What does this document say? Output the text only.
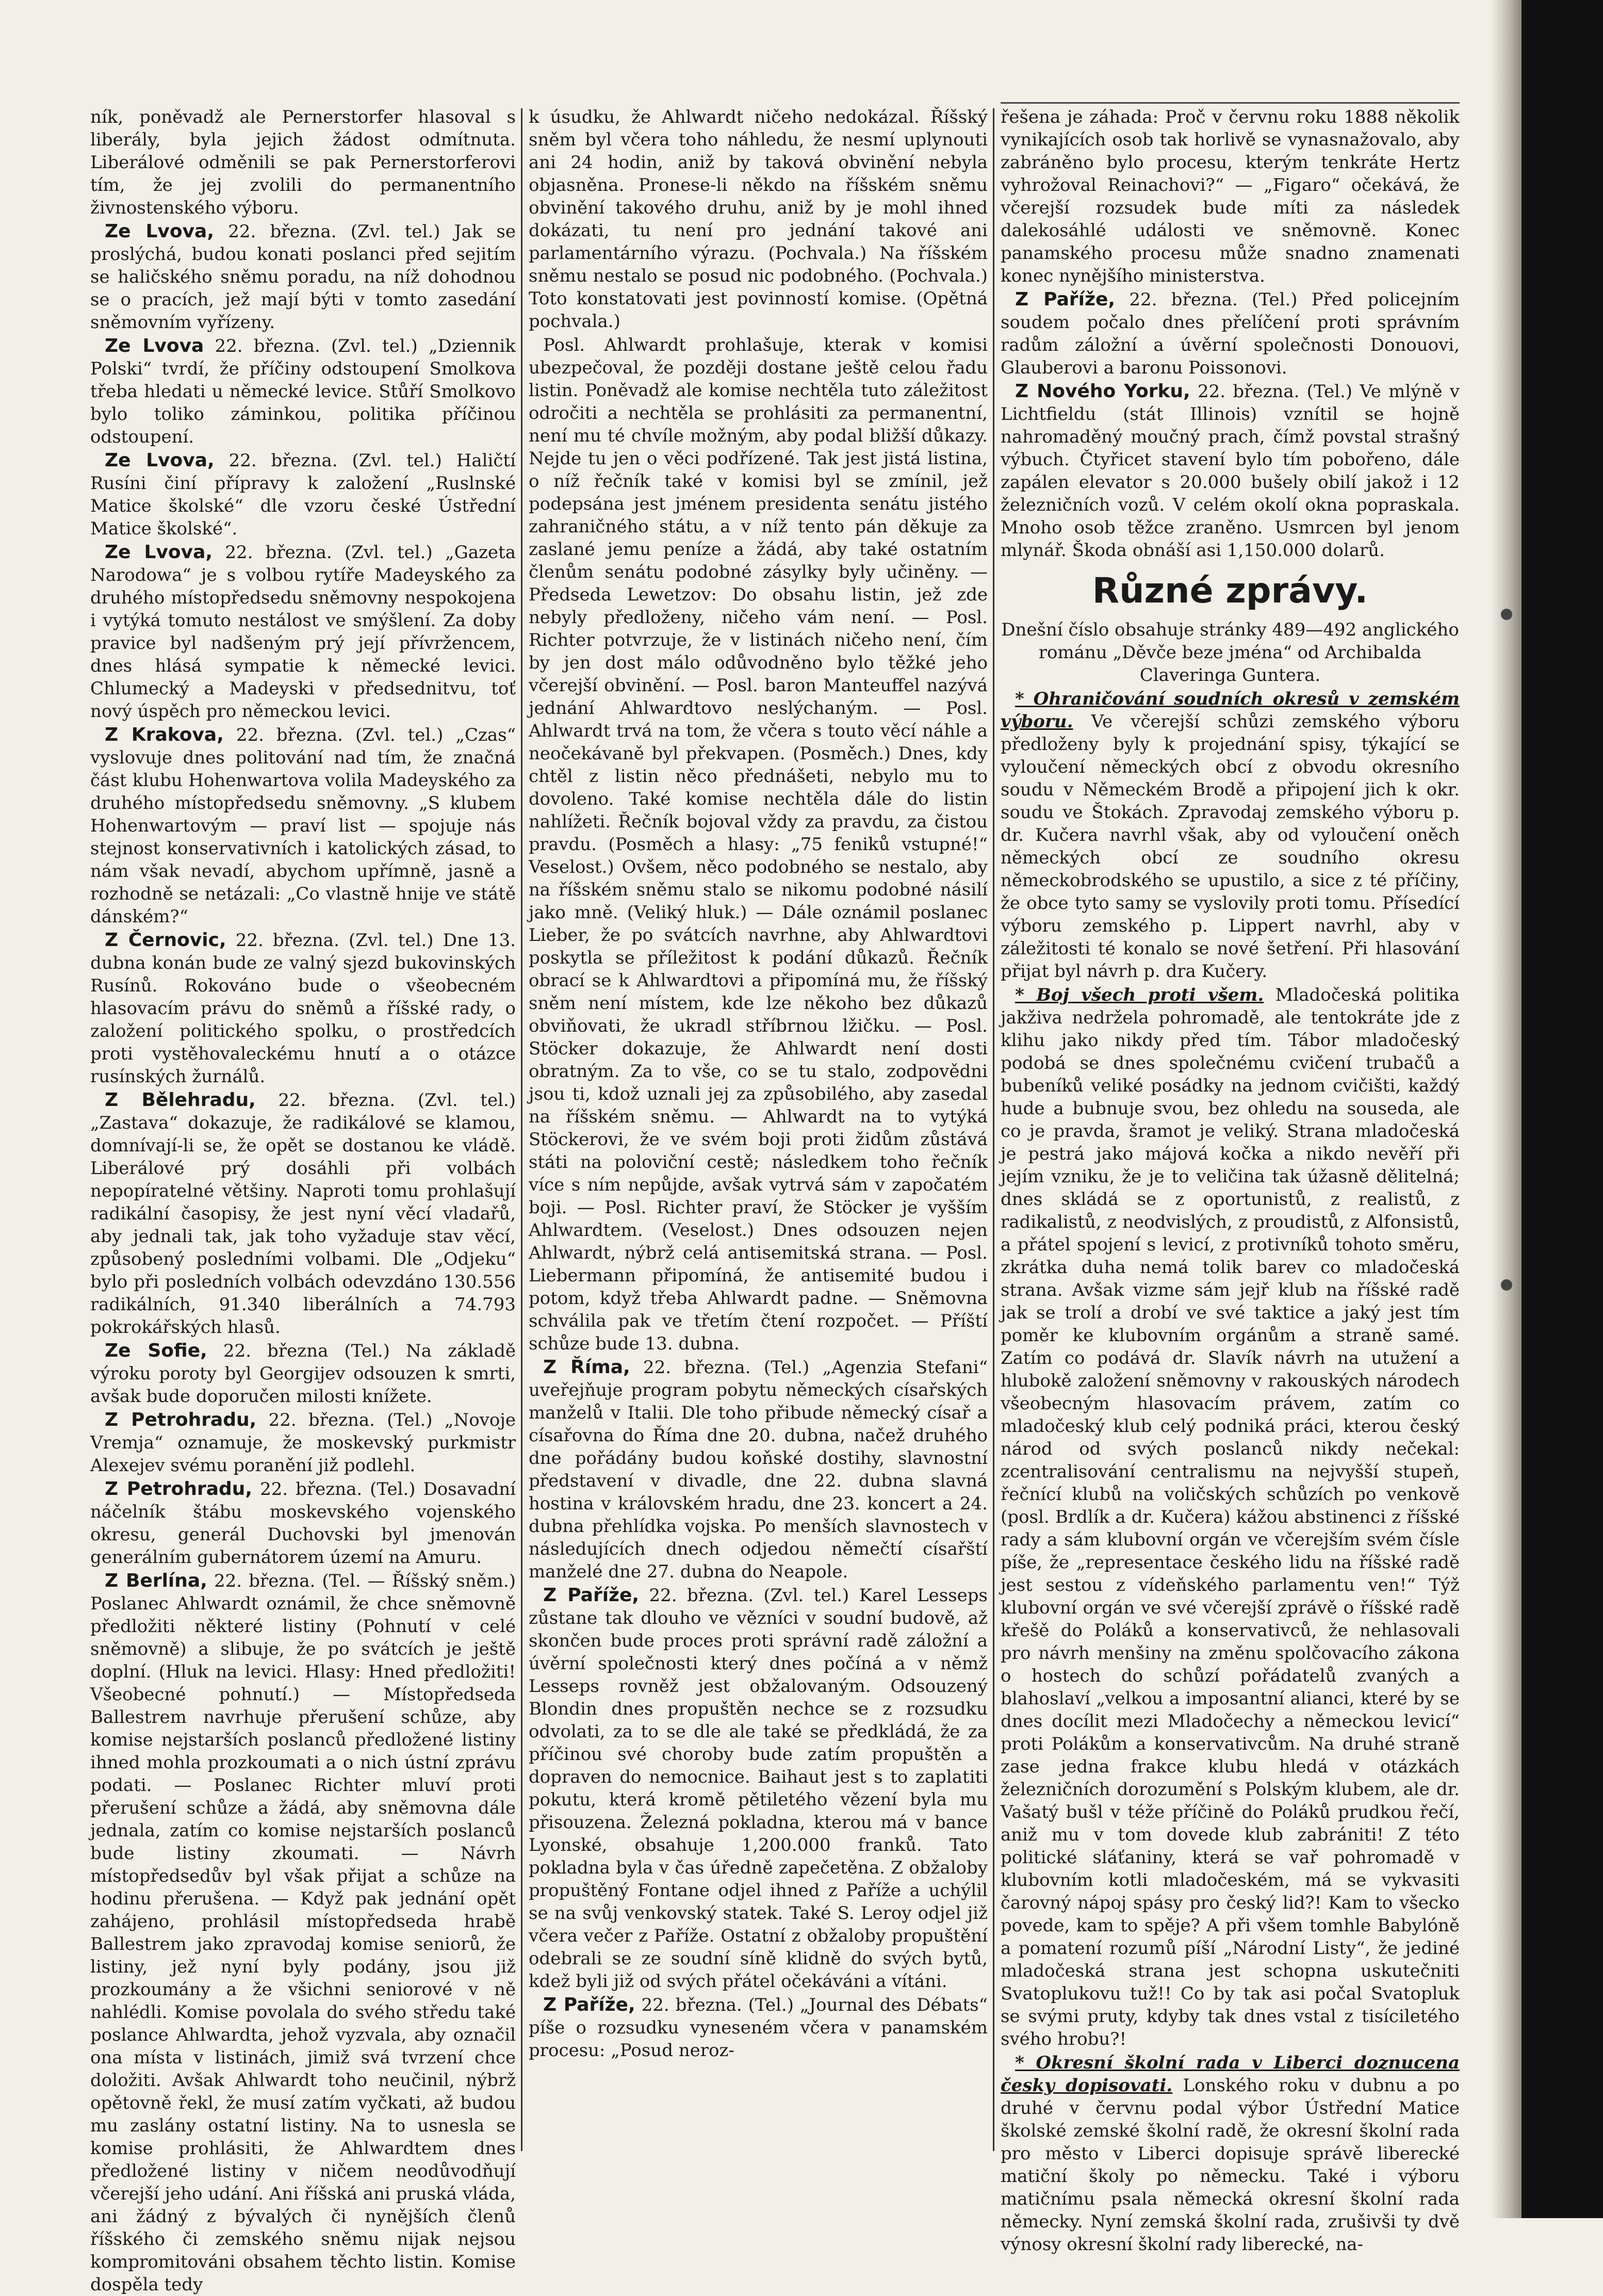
ník, poněvadž ale Pernerstorfer hlasoval s liberály, byla jejich žádost odmítnuta. Liberálové odměnili se pak Pernerstorferovi tím, že jej zvolili do permanentního živnostenského výboru.

Ze Lvova, 22. března. (Zvl. tel.) Jak se proslýchá, budou konati poslanci před sejitím se haličského sněmu poradu, na níž dohodnou se o pracích, jež mají býti v tomto zasedání sněmovním vyřízeny.

Ze Lvova 22. března. (Zvl. tel.) „Dziennik Polski“ tvrdí, že příčiny odstoupení Smolkova třeba hledati u německé levice. Stůří Smolkovo bylo toliko záminkou, politika příčinou odstoupení.

Ze Lvova, 22. března. (Zvl. tel.) Haličtí Rusíni činí přípravy k založení „Ruslnské Matice školské“ dle vzoru české Ústřední Matice školské“.

Ze Lvova, 22. března. (Zvl. tel.) „Gazeta Narodowa“ je s volbou rytíře Madeyského za druhého místopředsedu sněmovny nespokojena i vytýká tomuto nestálost ve smýšlení. Za doby pravice byl nadšeným prý její přívržencem, dnes hlásá sympatie k německé levici. Chlumecký a Madeyski v předsednitvu, toť nový úspěch pro německou levici.

Z Krakova, 22. března. (Zvl. tel.) „Czas“ vyslovuje dnes politování nad tím, že značná část klubu Hohenwartova volila Madeyského za druhého místopředsedu sněmovny. „S klubem Hohenwartovým — praví list — spojuje nás stejnost konservativních i katolických zásad, to nám však nevadí, abychom upřímně, jasně a rozhodně se netázali: „Co vlastně hnije ve státě dánském?“

Z Černovic, 22. března. (Zvl. tel.) Dne 13. dubna konán bude ze valný sjezd bukovinských Rusínů. Rokováno bude o všeobecném hlasovacím právu do sněmů a říšské rady, o založení politického spolku, o prostředcích proti vystěhovaleckému hnutí a o otázce rusínských žurnálů.

Z Bělehradu, 22. března. (Zvl. tel.) „Zastava“ dokazuje, že radikálové se klamou, domnívají-li se, že opět se dostanou ke vládě. Liberálové prý dosáhli při volbách nepopíratelné většiny. Naproti tomu prohlašují radikální časopisy, že jest nyní věcí vladařů, aby jednali tak, jak toho vyžaduje stav věcí, způsobený posledními volbami. Dle „Odjeku“ bylo při posledních volbách odevzdáno 130.556 radikálních, 91.340 liberálních a 74.793 pokrokářských hlasů.

Ze Sofie, 22. března (Tel.) Na základě výroku poroty byl Georgijev odsouzen k smrti, avšak bude doporučen milosti knížete.

Z Petrohradu, 22. března. (Tel.) „Novoje Vremja“ oznamuje, že moskevský purkmistr Alexejev svému poranění již podlehl.

Z Petrohradu, 22. března. (Tel.) Dosavadní náčelník štábu moskevského vojenského okresu, generál Duchovski byl jmenován generálním gubernátorem území na Amuru.

Z Berlína, 22. března. (Tel. — Říšský sněm.) Poslanec Ahlwardt oznámil, že chce sněmovně předložiti některé listiny (Pohnutí v celé sněmovně) a slibuje, že po svátcích je ještě doplní. (Hluk na levici. Hlasy: Hned předložiti! Všeobecné pohnutí.) — Místopředseda Ballestrem navrhuje přerušení schůze, aby komise nejstarších poslanců předložené listiny ihned mohla prozkoumati a o nich ústní zprávu podati. — Poslanec Richter mluví proti přerušení schůze a žádá, aby sněmovna dále jednala, zatím co komise nejstarších poslanců bude listiny zkoumati. — Návrh místopředsedův byl však přijat a schůze na hodinu přerušena. — Když pak jednání opět zahájeno, prohlásil místopředseda hrabě Ballestrem jako zpravodaj komise seniorů, že listiny, jež nyní byly podány, jsou již prozkoumány a že všichni seniorové v ně nahlédli. Komise povolala do svého středu také poslance Ahlwardta, jehož vyzvala, aby označil ona místa v listinách, jimiž svá tvrzení chce doložiti. Avšak Ahlwardt toho neučinil, nýbrž opětovně řekl, že musí zatím vyčkati, až budou mu zaslány ostatní listiny. Na to usnesla se komise prohlásiti, že Ahlwardtem dnes předložené listiny v ničem neodůvodňují včerejší jeho udání. Ani říšská ani pruská vláda, ani žádný z bývalých či nynějších členů říšského či zemského sněmu nijak nejsou kompromitováni obsahem těchto listin. Komise dospěla tedy

k úsudku, že Ahlwardt ničeho nedokázal. Říšský sněm byl včera toho náhledu, že nesmí uplynouti ani 24 hodin, aniž by taková obvinění nebyla objasněna. Pronese-li někdo na říšském sněmu obvinění takového druhu, aniž by je mohl ihned dokázati, tu není pro jednání takové ani parlamentárního výrazu. (Pochvala.) Na říšském sněmu nestalo se posud nic podobného. (Pochvala.) Toto konstatovati jest povinností komise. (Opětná pochvala.)

Posl. Ahlwardt prohlašuje, kterak v komisi ubezpečoval, že později dostane ještě celou řadu listin. Poněvadž ale komise nechtěla tuto záležitost odročiti a nechtěla se prohlásiti za permanentní, není mu té chvíle možným, aby podal bližší důkazy. Nejde tu jen o věci podřízené. Tak jest jistá listina, o níž řečník také v komisi byl se zmínil, jež podepsána jest jménem presidenta senátu jistého zahraničného státu, a v níž tento pán děkuje za zaslané jemu peníze a žádá, aby také ostatním členům senátu podobné zásylky byly učiněny. — Předseda Lewetzov: Do obsahu listin, jež zde nebyly předloženy, ničeho vám není. — Posl. Richter potvrzuje, že v listinách ničeho není, čím by jen dost málo odůvodněno bylo těžké jeho včerejší obvinění. — Posl. baron Manteuffel nazývá jednání Ahlwardtovo neslýchaným. — Posl. Ahlwardt trvá na tom, že včera s touto věcí náhle a neočekávaně byl překvapen. (Posměch.) Dnes, kdy chtěl z listin něco přednášeti, nebylo mu to dovoleno. Také komise nechtěla dále do listin nahlížeti. Řečník bojoval vždy za pravdu, za čistou pravdu. (Posměch a hlasy: „75 feniků vstupné!“ Veselost.) Ovšem, něco podobného se nestalo, aby na říšském sněmu stalo se nikomu podobné násilí jako mně. (Veliký hluk.) — Dále oznámil poslanec Lieber, že po svátcích navrhne, aby Ahlwardtovi poskytla se příležitost k podání důkazů. Řečník obrací se k Ahlwardtovi a připomíná mu, že říšský sněm není místem, kde lze někoho bez důkazů obviňovati, že ukradl stříbrnou lžičku. — Posl. Stöcker dokazuje, že Ahlwardt není dosti obratným. Za to vše, co se tu stalo, zodpovědni jsou ti, kdož uznali jej za způsobilého, aby zasedal na říšském sněmu. — Ahlwardt na to vytýká Stöckerovi, že ve svém boji proti židům zůstává státi na poloviční cestě; následkem toho řečník více s ním nepůjde, avšak vytrvá sám v započatém boji. — Posl. Richter praví, že Stöcker je vyšším Ahlwardtem. (Veselost.) Dnes odsouzen nejen Ahlwardt, nýbrž celá antisemitská strana. — Posl. Liebermann připomíná, že antisemité budou i potom, když třeba Ahlwardt padne. — Sněmovna schválila pak ve třetím čtení rozpočet. — Příští schůze bude 13. dubna.

Z Říma, 22. března. (Tel.) „Agenzia Stefani“ uveřejňuje program pobytu německých císařských manželů v Italii. Dle toho přibude německý císař a císařovna do Říma dne 20. dubna, načež druhého dne pořádány budou koňské dostihy, slavnostní představení v divadle, dne 22. dubna slavná hostina v královském hradu, dne 23. koncert a 24. dubna přehlídka vojska. Po menších slavnostech v následujících dnech odjedou němečtí císařští manželé dne 27. dubna do Neapole.

Z Paříže, 22. března. (Zvl. tel.) Karel Lesseps zůstane tak dlouho ve vězníci v soudní budově, až skončen bude proces proti správní radě záložní a úvěrní společnosti který dnes počíná a v němž Lesseps rovněž jest obžalovaným. Odsouzený Blondin dnes propuštěn nechce se z rozsudku odvolati, za to se dle ale také se předkládá, že za příčinou své choroby bude zatím propuštěn a dopraven do nemocnice. Baihaut jest s to zaplatiti pokutu, která kromě pětiletého vězení byla mu přisouzena. Železná pokladna, kterou má v bance Lyonské, obsahuje 1,200.000 franků. Tato pokladna byla v čas úředně zapečetěna. Z obžaloby propuštěný Fontane odjel ihned z Paříže a uchýlil se na svůj venkovský statek. Také S. Leroy odjel již včera večer z Paříže. Ostatní z obžaloby propuštění odebrali se ze soudní síně klidně do svých bytů, kdež byli již od svých přátel očekáváni a vítáni.

Z Paříže, 22. března. (Tel.) „Journal des Débats“ píše o rozsudku vyneseném včera v panamském procesu: „Posud neroz-

řešena je záhada: Proč v červnu roku 1888 několik vynikajících osob tak horlivě se vynasnažovalo, aby zabráněno bylo procesu, kterým tenkráte Hertz vyhrožoval Reinachovi?“ — „Figaro“ očekává, že včerejší rozsudek bude míti za následek dalekosáhlé události ve sněmovně. Konec panamského procesu může snadno znamenati konec nynějšího ministerstva.

Z Paříže, 22. března. (Tel.) Před policejním soudem počalo dnes přelíčení proti správním radům záložní a úvěrní společnosti Donouovi, Glauberovi a baronu Poissonovi.

Z Nového Yorku, 22. března. (Tel.) Ve mlýně v Lichtfieldu (stát Illinois) vznítil se hojně nahromaděný moučný prach, čímž povstal strašný výbuch. Čtyřicet stavení bylo tím pobořeno, dále zapálen elevator s 20.000 bušely obilí jakož i 12 železničních vozů. V celém okolí okna popraskala. Mnoho osob těžce zraněno. Usmrcen byl jenom mlynář. Škoda obnáší asi 1,150.000 dolarů.

Různé zprávy.

Dnešní číslo obsahuje stránky 489—492 anglického románu „Děvče beze jména“ od Archibalda Claveringa Guntera.

* Ohraničování soudních okresů v zemském výboru. Ve včerejší schůzi zemského výboru předloženy byly k projednání spisy, týkající se vyloučení německých obcí z obvodu okresního soudu v Německém Brodě a připojení jich k okr. soudu ve Štokách. Zpravodaj zemského výboru p. dr. Kučera navrhl však, aby od vyloučení oněch německých obcí ze soudního okresu německobrodského se upustilo, a sice z té příčiny, že obce tyto samy se vyslovily proti tomu. Přísedící výboru zemského p. Lippert navrhl, aby v záležitosti té konalo se nové šetření. Při hlasování přijat byl návrh p. dra Kučery.

* Boj všech proti všem. Mladočeská politika jakživa nedržela pohromadě, ale tentokráte jde z klihu jako nikdy před tím. Tábor mladočeský podobá se dnes společnému cvičení trubačů a bubeníků veliké posádky na jednom cvičišti, každý hude a bubnuje svou, bez ohledu na souseda, ale co je pravda, šramot je veliký. Strana mladočeská je pestrá jako májová kočka a nikdo nevěří při jejím vzniku, že je to veličina tak úžasně dělitelná; dnes skládá se z oportunistů, z realistů, z radikalistů, z neodvislých, z proudistů, z Alfonsistů, a přátel spojení s levicí, z protivníků tohoto směru, zkrátka duha nemá tolik barev co mladočeská strana. Avšak vizme sám jejř klub na říšské radě jak se trolí a drobí ve své taktice a jaký jest tím poměr ke klubovním orgánům a straně samé. Zatím co podává dr. Slavík návrh na utužení a hlubokě založení sněmovny v rakouských národech všeobecným hlasovacím právem, zatím co mladočeský klub celý podniká práci, kterou český národ od svých poslanců nikdy nečekal: zcentralisování centralismu na nejvyšší stupeň, řečnící klubů na voličských schůzích po venkově (posl. Brdlík a dr. Kučera) kážou abstinenci z říšské rady a sám klubovní orgán ve včerejším svém čísle píše, že „representace českého lidu na říšské radě jest sestou z vídeňského parlamentu ven!“ Týž klubovní orgán ve své včerejší zprávě o říšské radě křešě do Poláků a konservativců, že nehlasovali pro návrh menšiny na změnu spolčovacího zákona o hostech do schůzí pořádatelů zvaných a blahoslaví „velkou a imposantní alianci, které by se dnes docílit mezi Mladočechy a německou levicí“ proti Polákům a konservativcům. Na druhé straně zase jedna frakce klubu hledá v otázkách železničních dorozumění s Polským klubem, ale dr. Vašatý bušl v téže příčině do Poláků prudkou řečí, aniž mu v tom dovede klub zabrániti! Z této politické sláťaniny, která se vař pohromadě v klubovním kotli mladočeském, má se vykvasiti čarovný nápoj spásy pro český lid?! Kam to všecko povede, kam to spěje? A při všem tomhle Babylóně a pomatení rozumů píší „Národní Listy“, že jediné mladočeská strana jest schopna uskutečniti Svatoplukovu tuž!! Co by tak asi počal Svatopluk se svými pruty, kdyby tak dnes vstal z tisíciletého svého hrobu?!

* Okresní školní rada v Liberci doznucena česky dopisovati. Lonského roku v dubnu a po druhé v červnu podal výbor Ústřední Matice školské zemské školní radě, že okresní školní rada pro město v Liberci dopisuje správě liberecké matiční školy po německu. Také i výboru matičnímu psala německá okresní školní rada německy. Nyní zemská školní rada, zrušivši ty dvě výnosy okresní školní rady liberecké, na-
